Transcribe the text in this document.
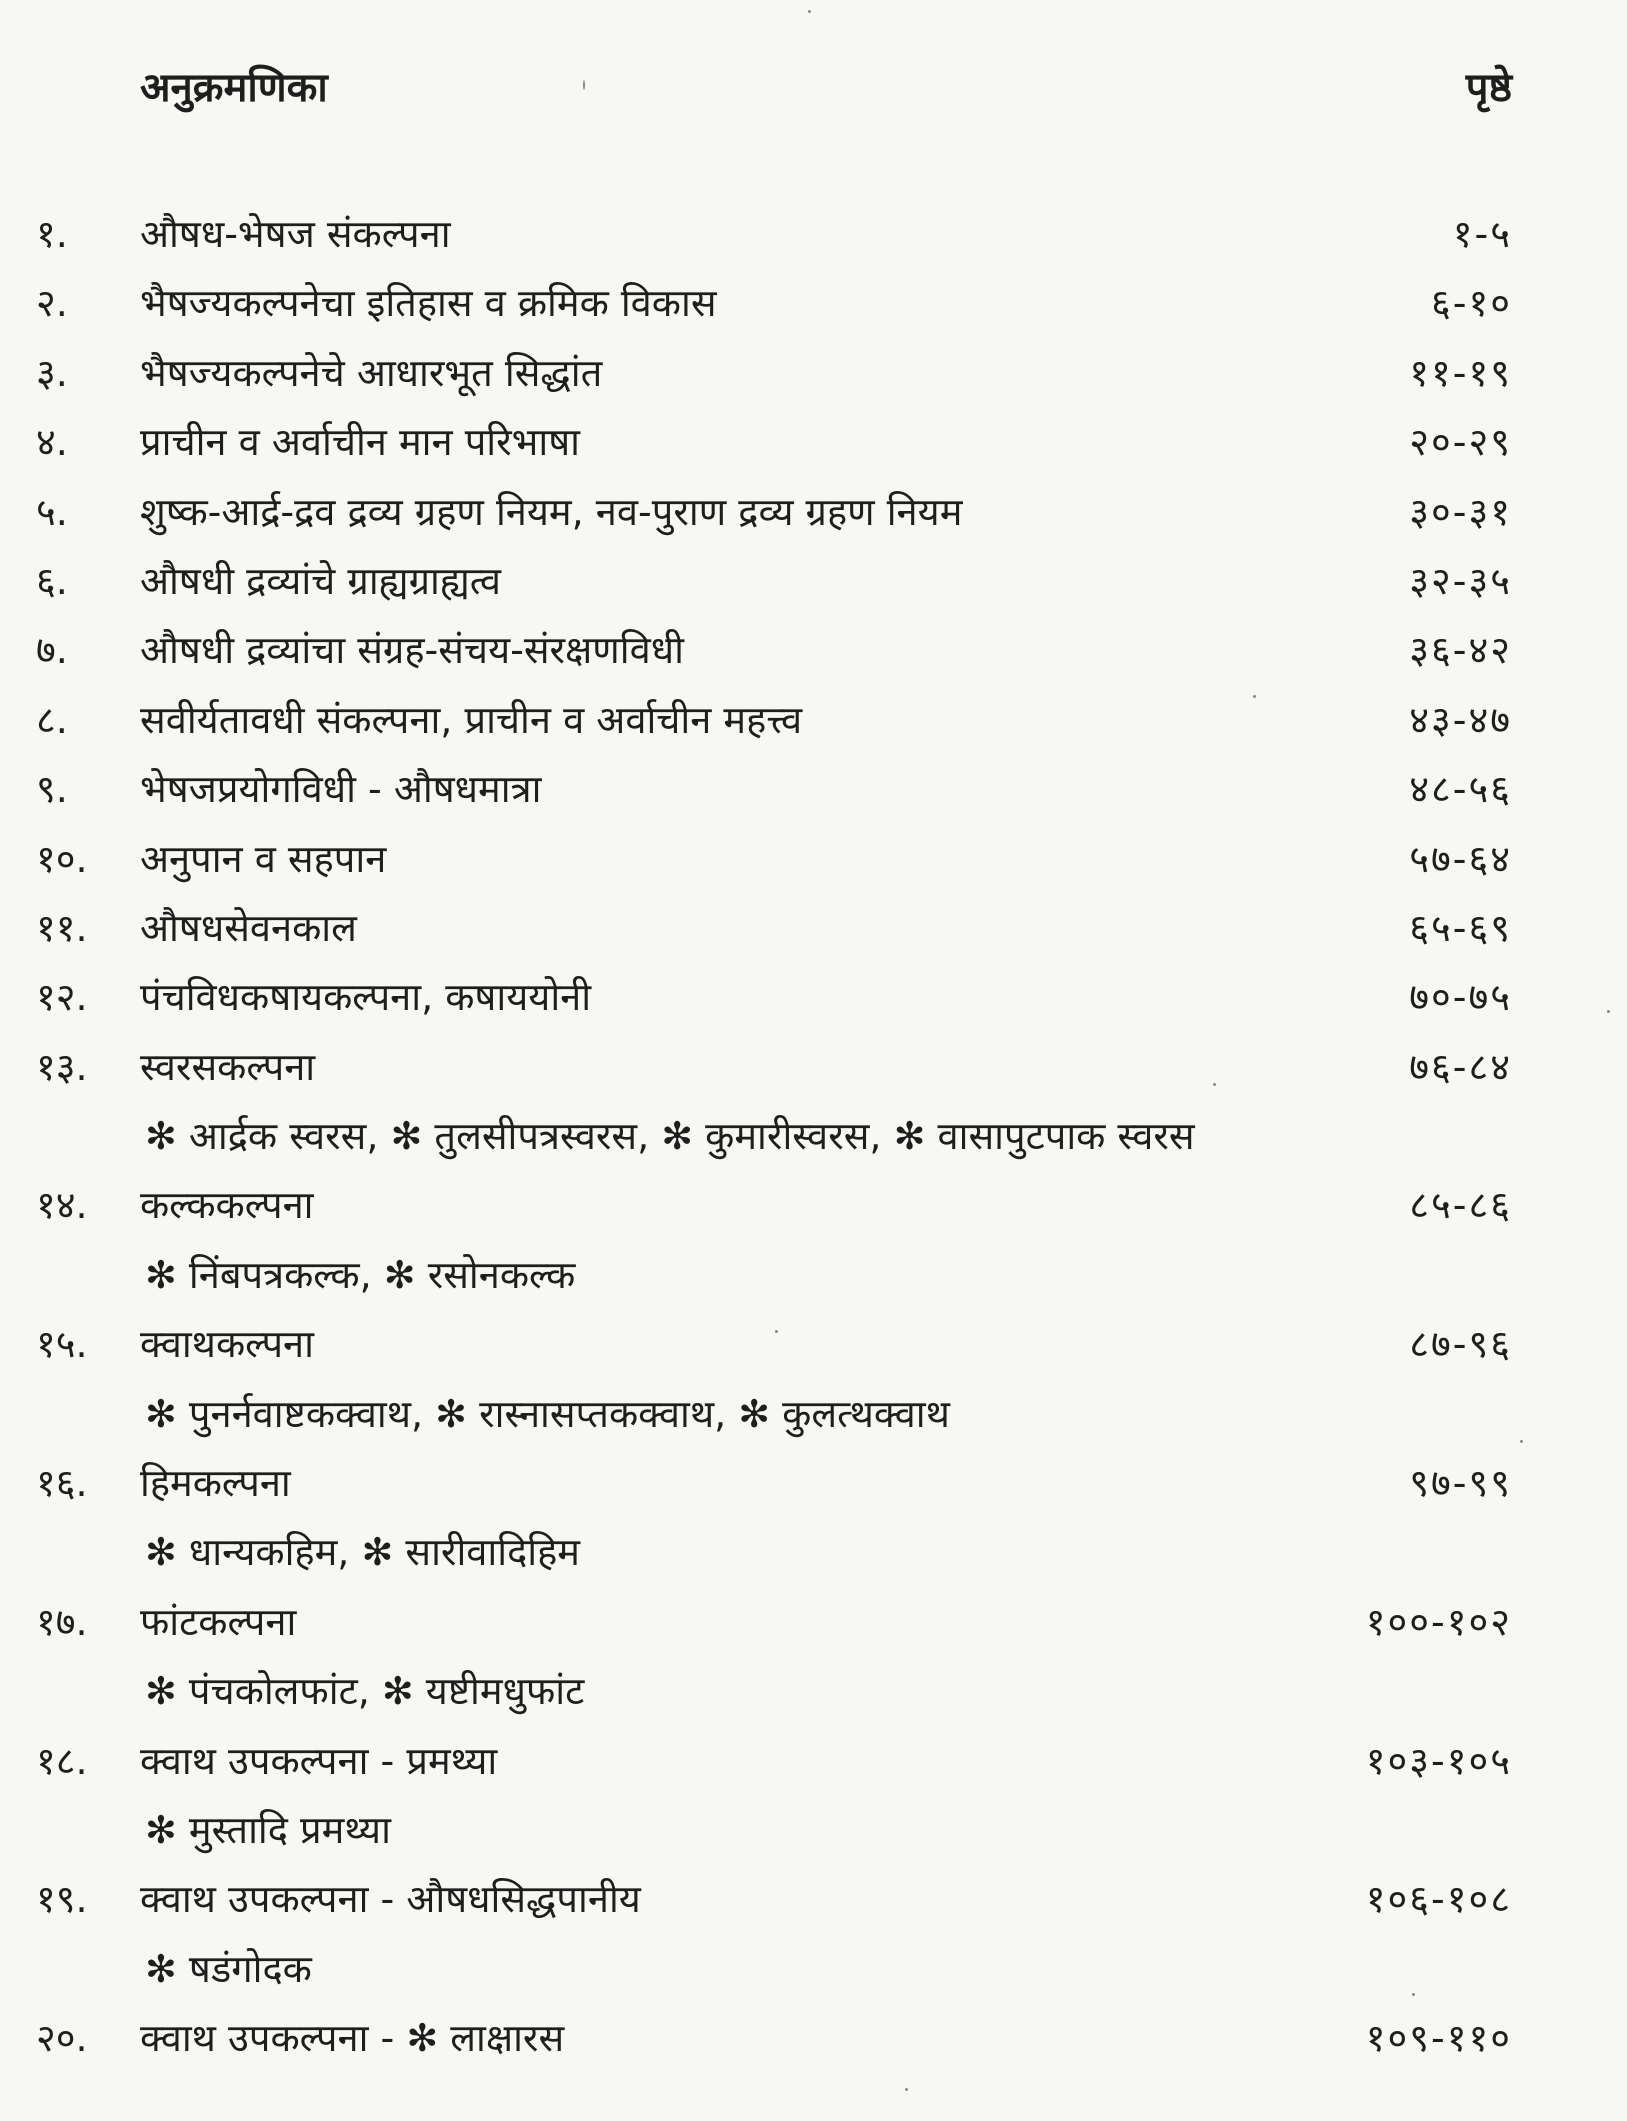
अनुक्रमणिका	पृष्ठे
१. औषध-भेषज संकल्पना	१-५
२. भैषज्यकल्पनेचा इतिहास व क्रमिक विकास	६-१०
३. भैषज्यकल्पनेचे आधारभूत सिद्धांत	११-१९
४. प्राचीन व अर्वाचीन मान परिभाषा	२०-२९
५. शुष्क-आर्द्र-द्रव द्रव्य ग्रहण नियम, नव-पुराण द्रव्य ग्रहण नियम	३०-३१
६. औषधी द्रव्यांचे ग्राह्यग्राह्यत्व	३२-३५
७. औषधी द्रव्यांचा संग्रह-संचय-संरक्षणविधी	३६-४२
८. सवीर्यतावधी संकल्पना, प्राचीन व अर्वाचीन महत्त्व	४३-४७
९. भेषजप्रयोगविधी - औषधमात्रा	४८-५६
१०. अनुपान व सहपान	५७-६४
११. औषधसेवनकाल	६५-६९
१२. पंचविधकषायकल्पना, कषाययोनी	७०-७५
१३. स्वरसकल्पना	७६-८४
✻ आर्द्रक स्वरस, ✻ तुलसीपत्रस्वरस, ✻ कुमारीस्वरस, ✻ वासापुटपाक स्वरस
१४. कल्ककल्पना	८५-८६
✻ निंबपत्रकल्क, ✻ रसोनकल्क
१५. क्वाथकल्पना	८७-९६
✻ पुनर्नवाष्टकक्वाथ, ✻ रास्नासप्तकक्वाथ, ✻ कुलत्थक्वाथ
१६. हिमकल्पना	९७-९९
✻ धान्यकहिम, ✻ सारीवादिहिम
१७. फांटकल्पना	१००-१०२
✻ पंचकोलफांट, ✻ यष्टीमधुफांट
१८. क्वाथ उपकल्पना - प्रमथ्या	१०३-१०५
✻ मुस्तादि प्रमथ्या
१९. क्वाथ उपकल्पना - औषधसिद्धपानीय	१०६-१०८
✻ षडंगोदक
२०. क्वाथ उपकल्पना - ✻ लाक्षारस	१०९-११०
